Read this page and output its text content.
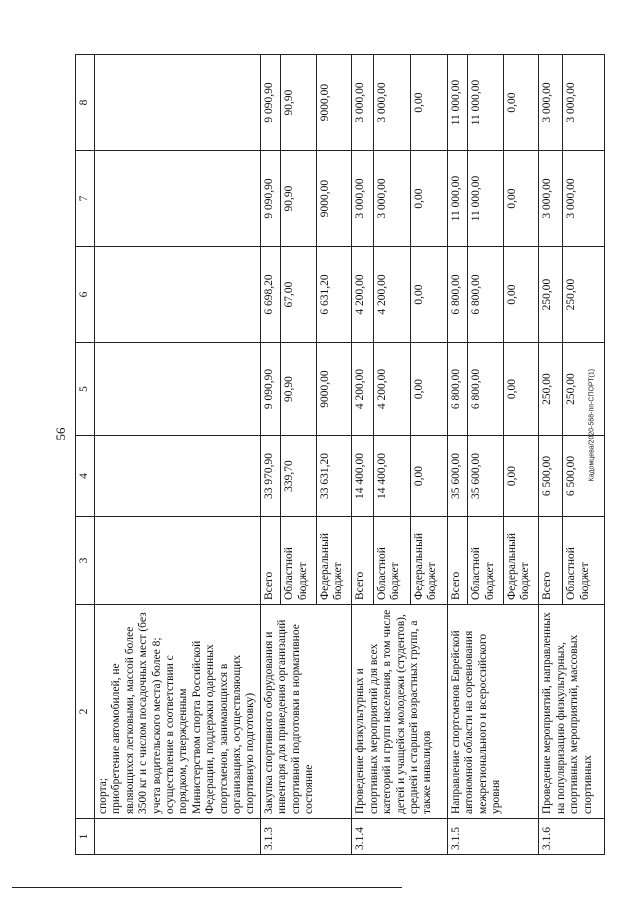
56	Кадомцева/2020-568-пп-СПОРТ(1)
1	2	3	4	5	6	7	8
	спорта;
приобретение автомобилей, не являющихся легковыми, массой более 3500 кг и с числом посадочных мест (без учета водительского места) более 8;
осуществление в соответствии с порядком, утвержденным Министерством спорта Российской Федерации, поддержки одаренных спортсменов, занимающихся в организациях, осуществляющих спортивную подготовку)						
3.1.3	Закупка спортивного оборудования и инвентаря для приведения организаций спортивной подготовки в нормативное состояние	Всего	33 970,90	9 090,90	6 698,20	9 090,90	9 090,90
		Областной бюджет	339,70	90,90	67,00	90,90	90,90
		Федеральный бюджет	33 631,20	9000,00	6 631,20	9000,00	9000,00
3.1.4	Проведение физкультурных и спортивных мероприятий для всех категорий и групп населения, в том числе детей и учащейся молодежи (студентов), средней и старшей возрастных групп, а также инвалидов	Всего	14 400,00	4 200,00	4 200,00	3 000,00	3 000,00
		Областной бюджет	14 400,00	4 200,00	4 200,00	3 000,00	3 000,00
		Федеральный бюджет	0,00	0,00	0,00	0,00	0,00
3.1.5	Направление спортсменов Еврейской автономной области на соревнования межрегионального и всероссийского уровня	Всего	35 600,00	6 800,00	6 800,00	11 000,00	11 000,00
		Областной бюджет	35 600,00	6 800,00	6 800,00	11 000,00	11 000,00
		Федеральный бюджет	0,00	0,00	0,00	0,00	0,00
3.1.6	Проведение мероприятий, направленных на популяризацию физкультурных, спортивных мероприятий, массовых спортивных	Всего	6 500,00	250,00	250,00	3 000,00	3 000,00
		Областной бюджет	6 500,00	250,00	250,00	3 000,00	3 000,00
